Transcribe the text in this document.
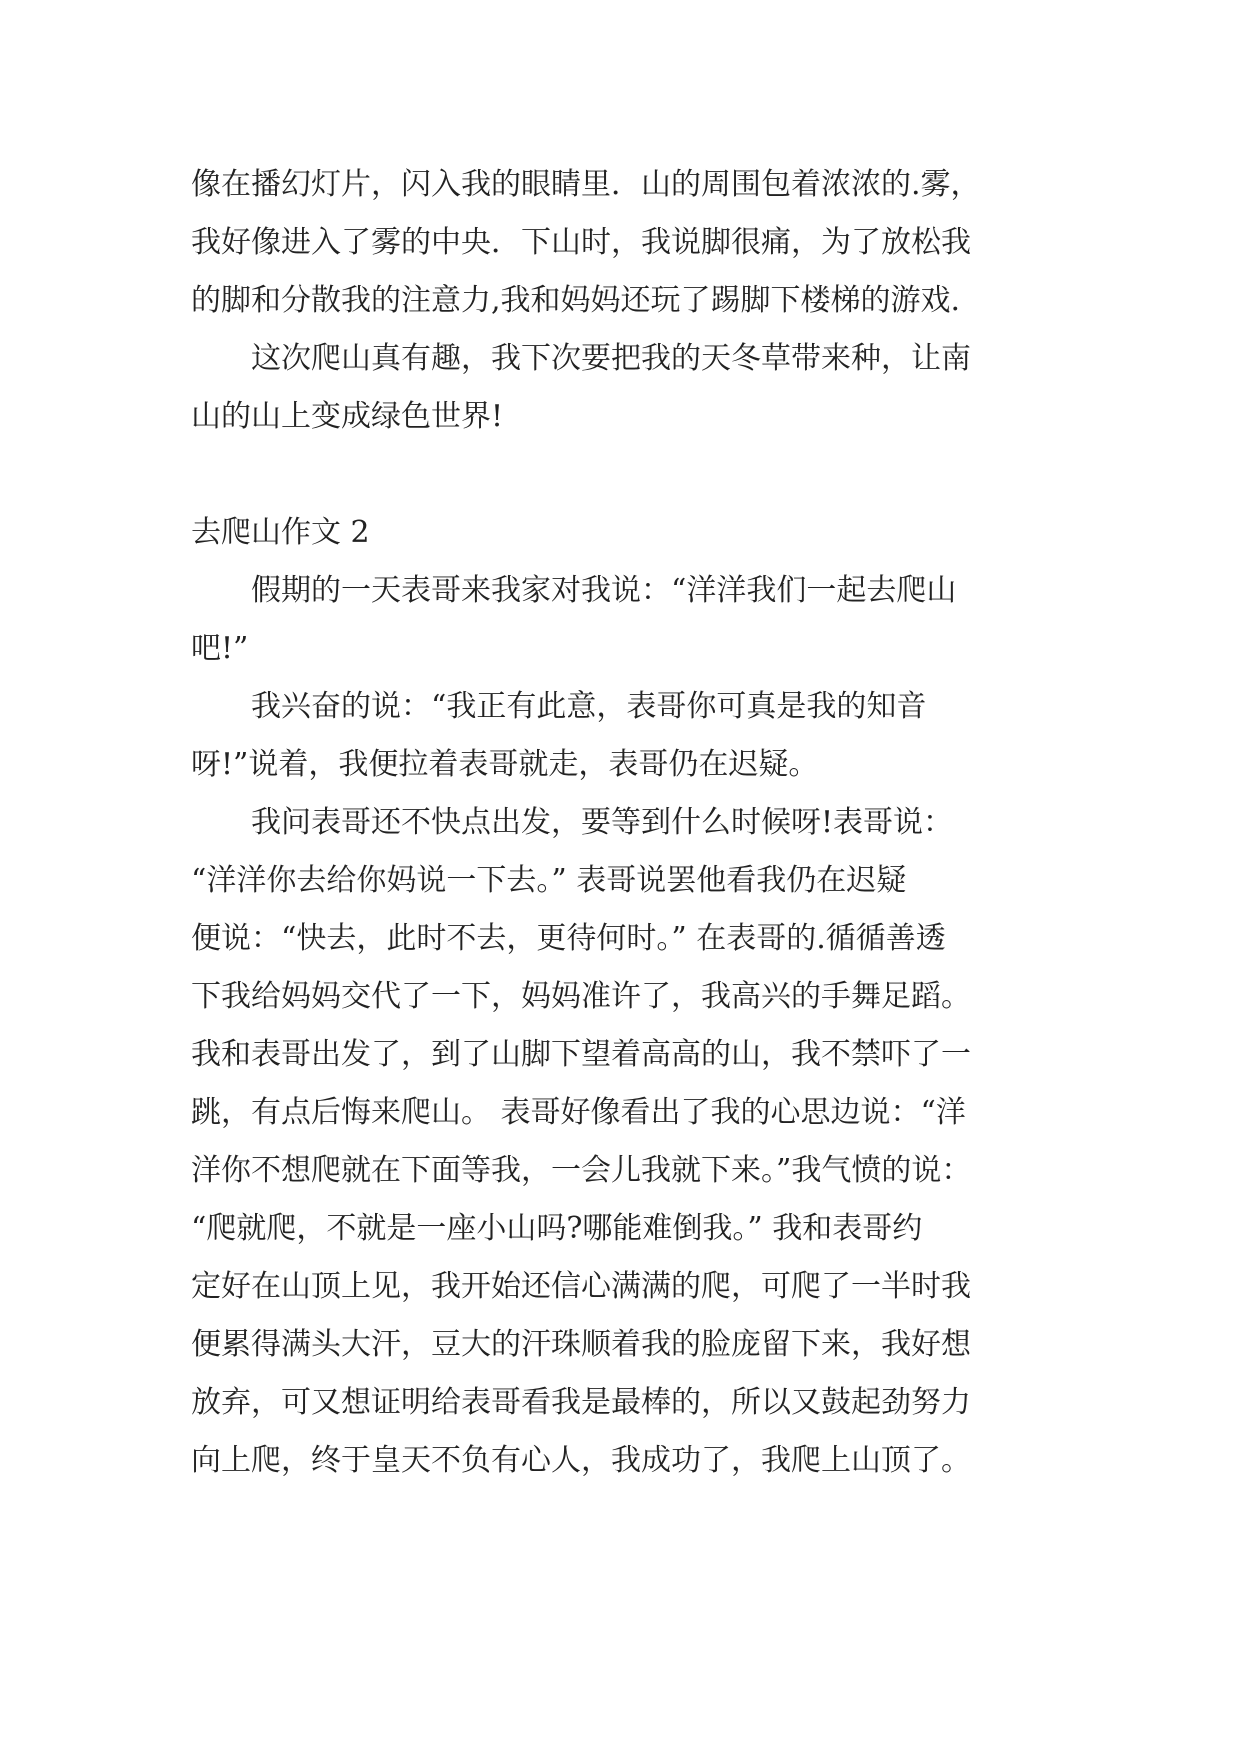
像在播幻灯片，闪入我的眼睛里．山的周围包着浓浓的.雾，
我好像进入了雾的中央．下山时，我说脚很痛，为了放松我
的脚和分散我的注意力,我和妈妈还玩了踢脚下楼梯的游戏.
这次爬山真有趣，我下次要把我的天冬草带来种，让南
山的山上变成绿色世界!
去爬山作文 2
假期的一天表哥来我家对我说：“洋洋我们一起去爬山
吧!”
我兴奋的说：“我正有此意，表哥你可真是我的知音
呀!”说着，我便拉着表哥就走，表哥仍在迟疑。
我问表哥还不快点出发，要等到什么时候呀!表哥说：
“洋洋你去给你妈说一下去。” 表哥说罢他看我仍在迟疑
便说：“快去，此时不去，更待何时。” 在表哥的.循循善透
下我给妈妈交代了一下，妈妈准许了，我高兴的手舞足蹈。
我和表哥出发了，到了山脚下望着高高的山，我不禁吓了一
跳，有点后悔来爬山。 表哥好像看出了我的心思边说：“洋
洋你不想爬就在下面等我，一会儿我就下来。”我气愤的说：
“爬就爬，不就是一座小山吗?哪能难倒我。” 我和表哥约
定好在山顶上见，我开始还信心满满的爬，可爬了一半时我
便累得满头大汗，豆大的汗珠顺着我的脸庞留下来，我好想
放弃，可又想证明给表哥看我是最棒的，所以又鼓起劲努力
向上爬，终于皇天不负有心人，我成功了，我爬上山顶了。
